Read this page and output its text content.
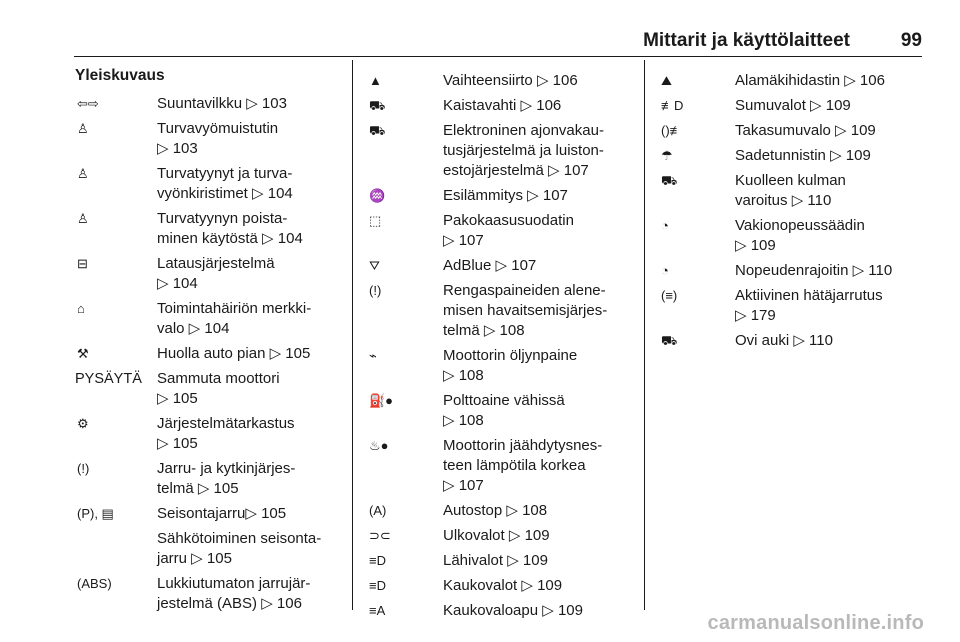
Mittarit ja käyttölaitteet	99
Yleiskuvaus
⇦⇨	Suuntavilkku ▷ 103
♙	Turvavyömuistutin
▷ 103
♙	Turvatyynyt ja turva-
vyönkiristimet ▷ 104
♙	Turvatyynyn poista-
minen käytöstä ▷ 104
⊟	Latausjärjestelmä
▷ 104
⌂	Toimintahäiriön merkki-
valo ▷ 104
⚒	Huolla auto pian ▷ 105
PYSÄYTÄ	Sammuta moottori
▷ 105
⚙	Järjestelmätarkastus
▷ 105
(!)	Jarru- ja kytkinjärjes-
telmä ▷ 105
(P), ▤	Seisontajarru▷ 105
Sähkötoiminen seisonta-
jarru ▷ 105
(ABS)	Lukkiutumaton jarrujär-
jestelmä (ABS) ▷ 106
▲	Vaihteensiirto ▷ 106
⛟	Kaistavahti ▷ 106
⛟	Elektroninen ajonvakau-
tusjärjestelmä ja luiston-
estojärjestelmä ▷ 107
♒	Esilämmitys ▷ 107
⬚	Pakokaasusuodatin
▷ 107
⛛	AdBlue ▷ 107
(!)	Rengaspaineiden alene-
misen havaitsemisjärjes-
telmä ▷ 108
⌁	Moottorin öljynpaine
▷ 108
⛽●	Polttoaine vähissä
▷ 108
♨●	Moottorin jäähdytysnes-
teen lämpötila korkea
▷ 107
(A)	Autostop ▷ 108
⊃⊂	Ulkovalot ▷ 109
≡D	Lähivalot ▷ 109
≡D	Kaukovalot ▷ 109
≡A	Kaukovaloapu ▷ 109
⛰	Alamäkihidastin ▷ 106
≢D	Sumuvalot ▷ 109
()≢	Takasumuvalo ▷ 109
☂	Sadetunnistin ▷ 109
⛟	Kuolleen kulman
varoitus ▷ 110
◔	Vakionopeussäädin
▷ 109
◔	Nopeudenrajoitin ▷ 110
(≡)	Aktiivinen hätäjarrutus
▷ 179
⛟	Ovi auki ▷ 110
carmanualsonline.info
